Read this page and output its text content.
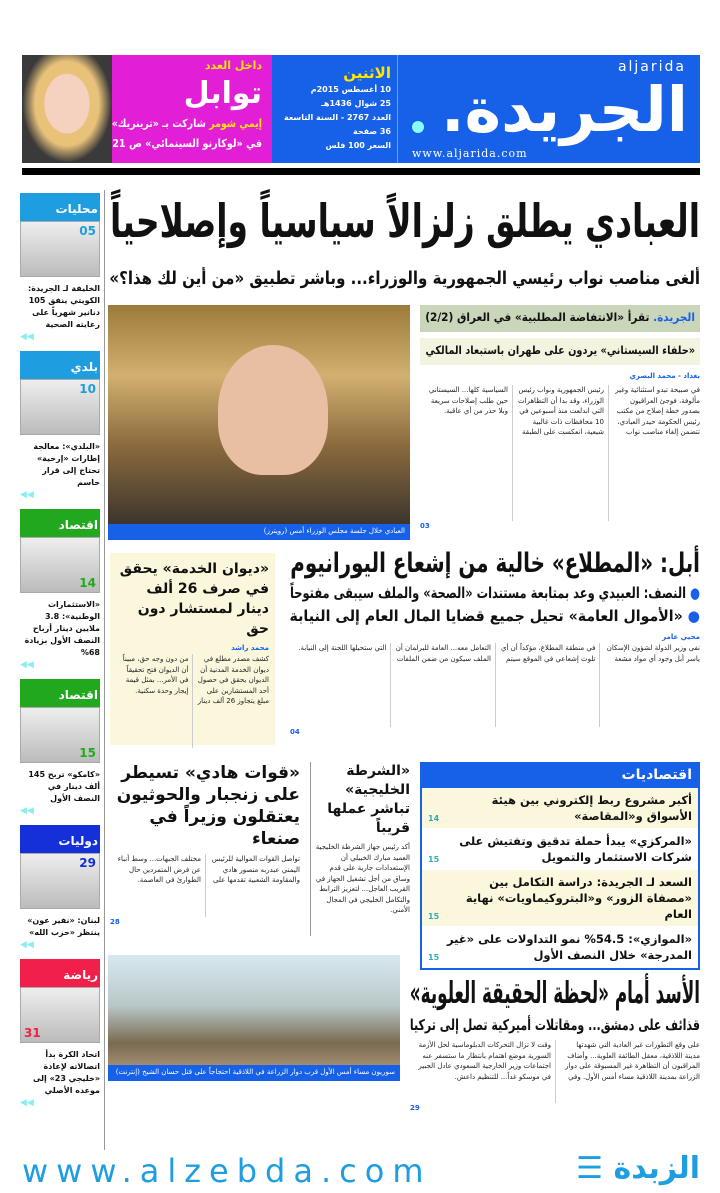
داخل العدد
توابل
إيمي شومر شاركت بـ «ترينريك»
في «لوكارنو السينمائي» ص 21
الاثنين
10 أغسطس 2015م
25 شوال 1436هـ
العدد 2767 - السنة التاسعة
36 صفحة
السعر 100 فلس
aljarida
الجريدة.
www.aljarida.com
محليات
05
الخليفة لـ الجريدة: الكويتي ينفق 105 دنانير شهرياً على رعايته الصحية
◀◀
بلدي
10
«البلدي»: معالجة إطارات «إرحية» تحتاج إلى قرار حاسم
◀◀
اقتصاد
14
«الاستثمارات الوطنية»: 3.8 ملايين دينار أرباح النصف الأول بزيادة 68%
◀◀
اقتصاد
15
«كامكو» تربح 145 ألف دينار في النصف الأول
◀◀
دوليات
29
لبنان: «نفير عون» ينتظر «حزب الله»
◀◀
رياضة
31
اتحاد الكرة بدأ اتصالاته لإعادة «خليجي 23» إلى موعده الأصلي
◀◀
العبادي يطلق زلزالاً سياسياً وإصلاحياً
ألغى مناصب نواب رئيسي الجمهورية والوزراء... وباشر تطبيق «من أين لك هذا؟»
العبادي خلال جلسة مجلس الوزراء أمس (رويترز)
الجريدة. تقرأ «الانتفاضة المطلبية» في العراق (2/2)
«حلفاء السيستاني» يردون على طهران باستبعاد المالكي
بغداد - محمد البصري
في صبيحة تبدو استثنائية وغير مألوفة، فوجئ العراقيون بصدور خطة إصلاح من مكتب رئيس الحكومة حيدر العبادي، تتضمن إلغاء مناصب نواب رئيس الجمهورية ونواب رئيس الوزراء، وقد بدا أن التظاهرات التي اندلعت منذ أسبوعين في 10 محافظات ذات غالبية شيعية، انعكست على الطبقة السياسية كلها... السيستاني حين طلب إصلاحات سريعة وبلا حذر من أي عاقبة.
03
أبل: «المطلاع» خالية من إشعاع اليورانيوم
● النصف: العبيدي وعد بمتابعة مستندات «الصحة» والملف سيبقى مفتوحاً
● «الأموال العامة» تحيل جميع قضايا المال العام إلى النيابة
محيي عامر
نفى وزير الدولة لشؤون الإسكان ياسر أبل وجود أي مواد مشعة في منطقة المطلاع، مؤكداً أن أي تلوث إشعاعي في الموقع سيتم التعامل معه... العامة للبرلمان أن الملف سيكون من ضمن الملفات التي ستحيلها اللجنة إلى النيابة.
04
«ديوان الخدمة» يحقق في صرف 26 ألف دينار لمستشار دون حق
محمد راشد
كشف مصدر مطلع في ديوان الخدمة المدنية أن الديوان يحقق في حصول أحد المستشارين على مبلغ يتجاوز 26 ألف دينار من دون وجه حق، مبيناً أن الديوان فتح تحقيقاً في الأمر... بمثل قيمة إيجار وحدة سكنية.
«قوات هادي» تسيطر على زنجبار والحوثيون يعتقلون وزيراً في صنعاء
تواصل القوات الموالية للرئيس اليمني عبدربه منصور هادي والمقاومة الشعبية تقدمها على مختلف الجبهات... وسط أنباء عن فرض المتمردين حال الطوارئ في العاصمة.
28
«الشرطة الخليجية» تباشر عملها قريباً
أكد رئيس جهاز الشرطة الخليجية العميد مبارك الخييلي أن الإستعدادات جارية على قدم وساق من أجل تشغيل الجهاز في القريب العاجل... لتعزيز الترابط والتكامل الخليجي في المجال الأمني.
اقتصاديات
أكبر مشروع ربط إلكتروني بين هيئة الأسواق و«المقاصة»
14
«المركزي» يبدأ حملة تدقيق وتفتيش على شركات الاستثمار والتمويل
15
السعد لـ الجريدة: دراسة التكامل بين «مصفاة الزور» و«البتروكيماويات» نهاية العام
15
«الموازي»: 54.5% نمو التداولات على «غير المدرجة» خلال النصف الأول
15
سوريون مساء أمس الأول قرب دوار الزراعة في اللاذقية احتجاجاً على قتل حسان الشيخ (إنترنت)
الأسد أمام «لحظة الحقيقة العلوية»
قذائف على دمشق... ومقاتلات أميركية تصل إلى تركيا
على وقع التطورات غير العادية التي شهدتها مدينة اللاذقية، معقل الطائفة العلوية... وأضاف المراقبون أن التظاهرة غير المسبوقة على دوار الزراعة بمدينة اللاذقية مساء أمس الأول. وفي وقت لا تزال التحركات الدبلوماسية لحل الأزمة السورية موضع اهتمام بانتظار ما ستسفر عنه اجتماعات وزير الخارجية السعودي عادل الجبير في موسكو غداً... للتنظيم داعش.
29
www.alzebda.com	☰ الزبدة
